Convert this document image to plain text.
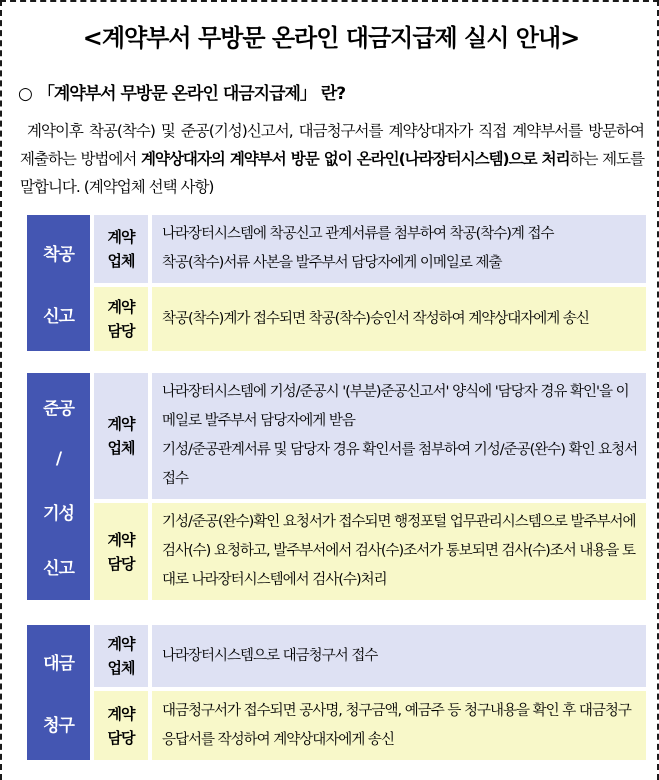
<계약부서 무방문 온라인 대금지급제 실시 안내>
○ 「계약부서 무방문 온라인 대금지급제」 란?
계약이후 착공(착수) 및 준공(기성)신고서, 대금청구서를 계약상대자가 직접 계약부서를 방문하여 제출하는 방법에서 계약상대자의 계약부서 방문 없이 온라인(나라장터시스템)으로 처리하는 제도를 말합니다. (계약업체 선택 사항)
착공
신고
계약
업체
나라장터시스템에 착공신고 관계서류를 첨부하여 착공(착수)계 접수
착공(착수)서류 사본을 발주부서 담당자에게 이메일로 제출
계약
담당
착공(착수)계가 접수되면 착공(착수)승인서 작성하여 계약상대자에게 송신
준공
/
기성
신고
계약
업체
나라장터시스템에 기성/준공시 '(부분)준공신고서' 양식에 '담당자 경유 확인'을 이메일로 발주부서 담당자에게 받음
기성/준공관계서류 및 담당자 경유 확인서를 첨부하여 기성/준공(완수) 확인 요청서 접수
계약
담당
기성/준공(완수)확인 요청서가 접수되면 행정포털 업무관리시스템으로 발주부서에 검사(수) 요청하고, 발주부서에서 검사(수)조서가 통보되면 검사(수)조서 내용을 토대로 나라장터시스템에서 검사(수)처리
대금
청구
계약
업체
나라장터시스템으로 대금청구서 접수
계약
담당
대금청구서가 접수되면 공사명, 청구금액, 예금주 등 청구내용을 확인 후 대금청구응답서를 작성하여 계약상대자에게 송신
